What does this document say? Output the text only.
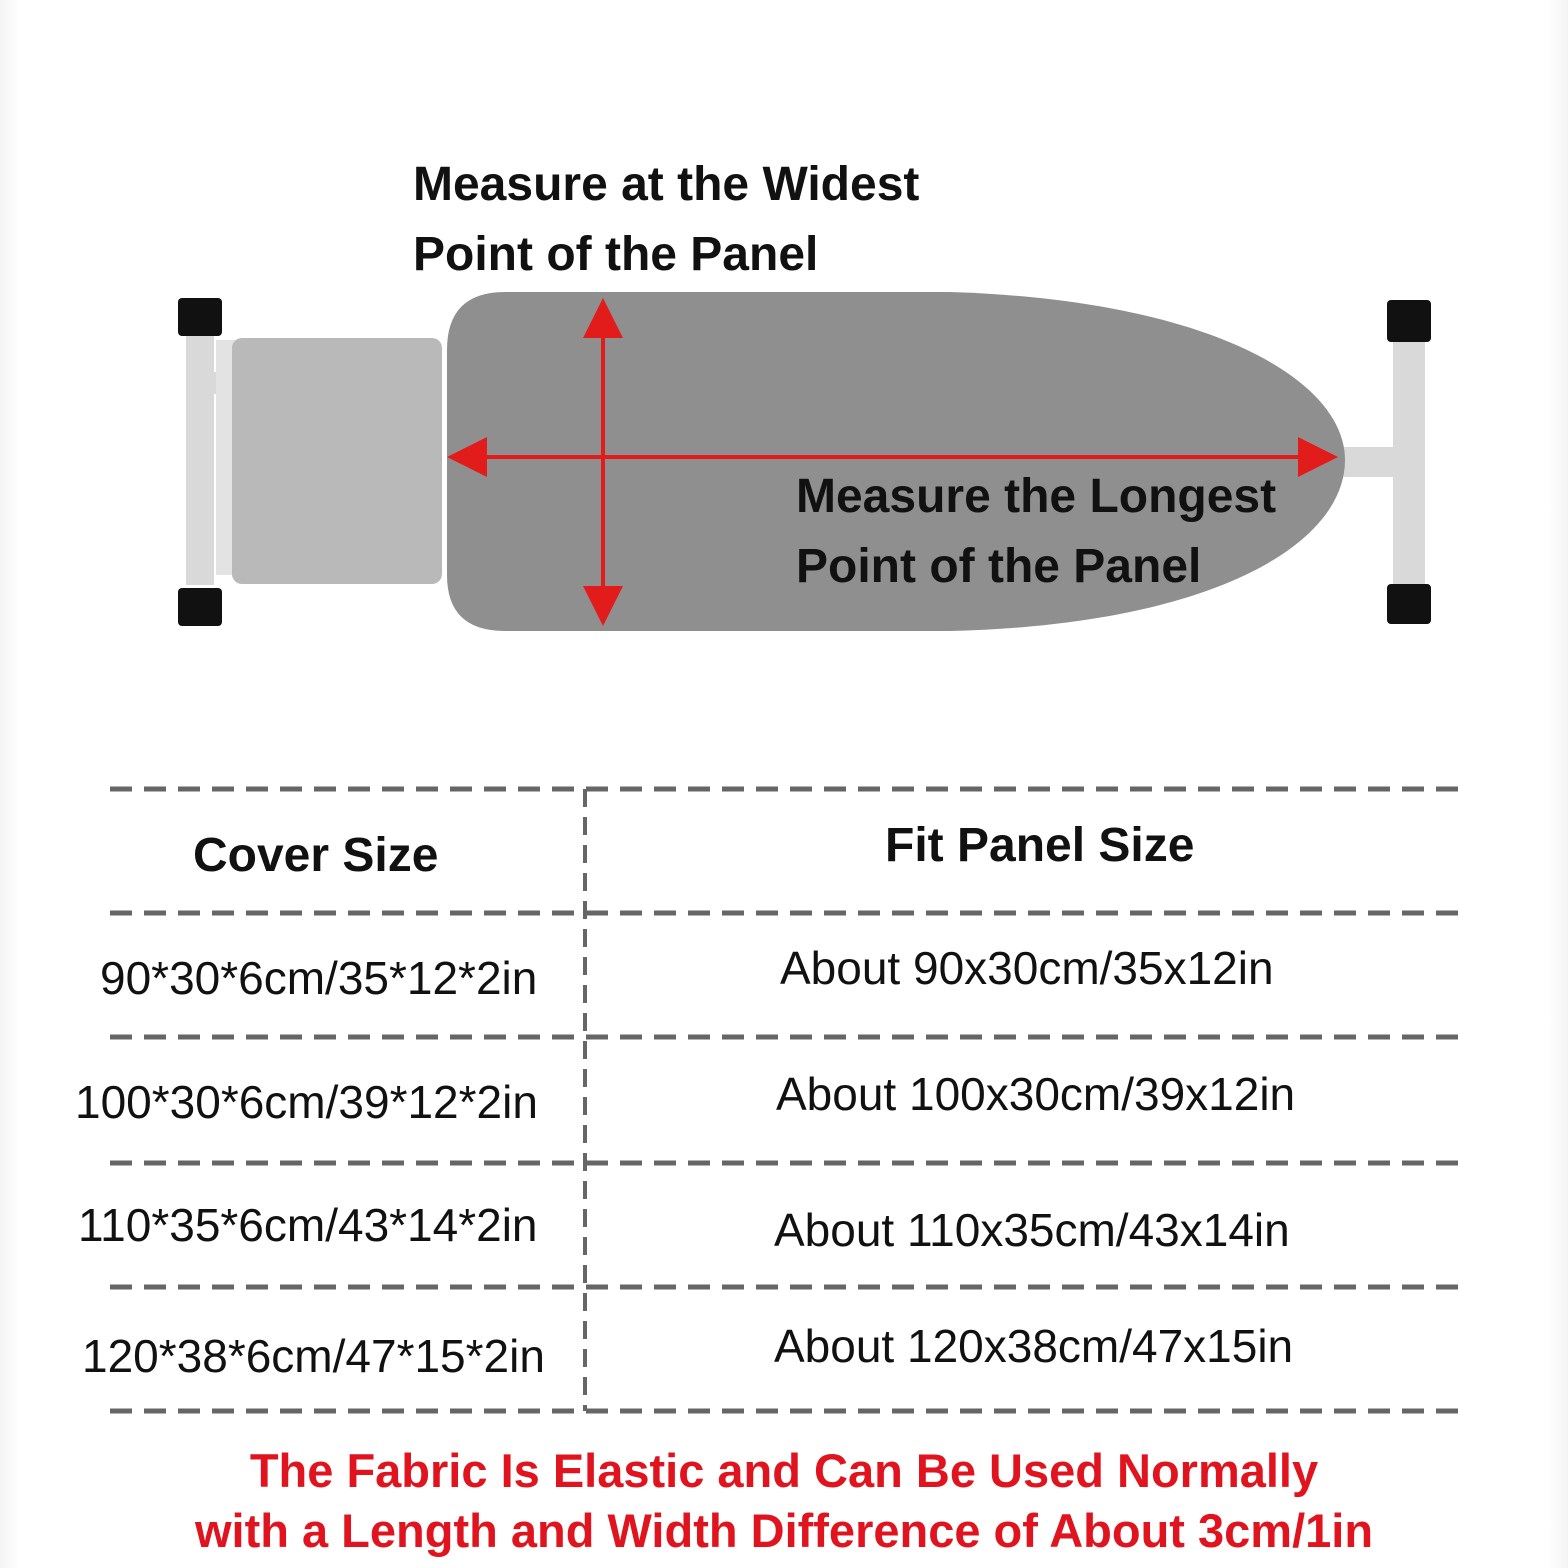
Measure at the Widest
Point of the Panel
Measure the Longest
Point of the Panel
Cover Size	Fit Panel Size
90*30*6cm/35*12*2in	About 90x30cm/35x12in
100*30*6cm/39*12*2in	About 100x30cm/39x12in
110*35*6cm/43*14*2in	About 110x35cm/43x14in
120*38*6cm/47*15*2in	About 120x38cm/47x15in
The Fabric Is Elastic and Can Be Used Normally
with a Length and Width Difference of About 3cm/1in
